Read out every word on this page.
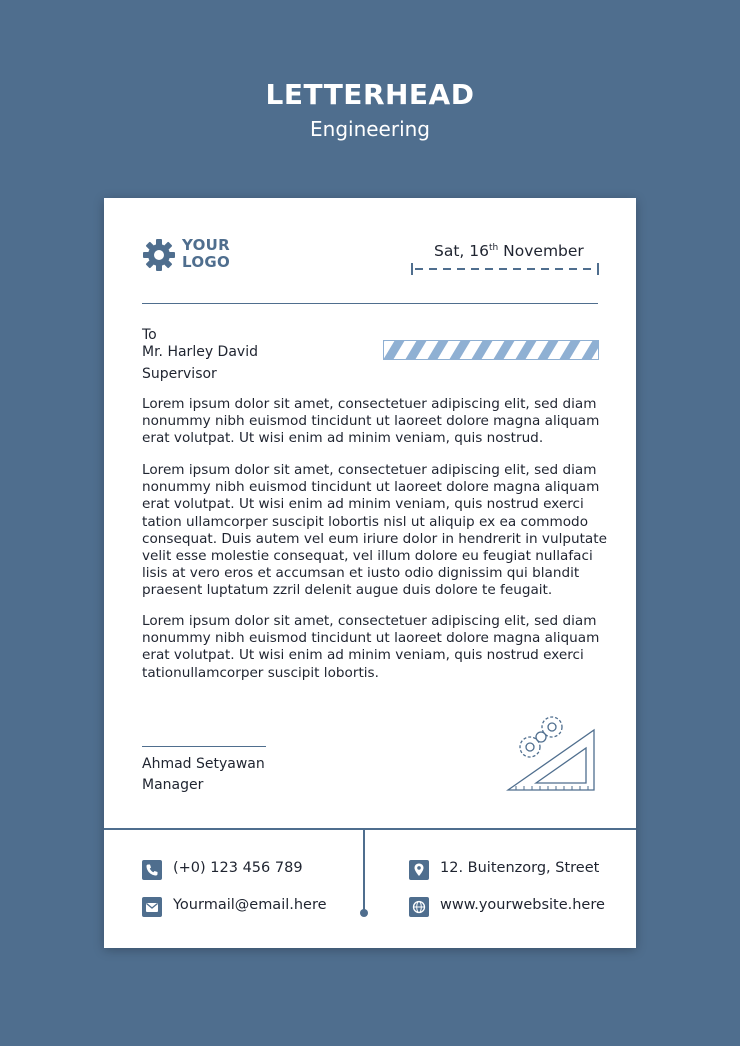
LETTERHEAD
Engineering
YOUR
LOGO
Sat, 16th November
To
Mr. Harley David
Supervisor

Lorem ipsum dolor sit amet, consectetuer adipiscing elit, sed diam nonummy nibh euismod tincidunt ut laoreet dolore magna aliquam erat volutpat. Ut wisi enim ad minim veniam, quis nostrud.

Lorem ipsum dolor sit amet, consectetuer adipiscing elit, sed diam nonummy nibh euismod tincidunt ut laoreet dolore magna aliquam erat volutpat. Ut wisi enim ad minim veniam, quis nostrud exerci tation ullamcorper suscipit lobortis nisl ut aliquip ex ea commodo consequat. Duis autem vel eum iriure dolor in hendrerit in vulputate velit esse molestie consequat, vel illum dolore eu feugiat nullafaci lisis at vero eros et accumsan et iusto odio dignissim qui blandit praesent luptatum zzril delenit augue duis dolore te feugait.

Lorem ipsum dolor sit amet, consectetuer adipiscing elit, sed diam nonummy nibh euismod tincidunt ut laoreet dolore magna aliquam erat volutpat. Ut wisi enim ad minim veniam, quis nostrud exerci tationullamcorper suscipit lobortis.

Ahmad Setyawan
Manager
(+0) 123 456 789
Yourmail@email.here
12. Buitenzorg, Street
www.yourwebsite.here
